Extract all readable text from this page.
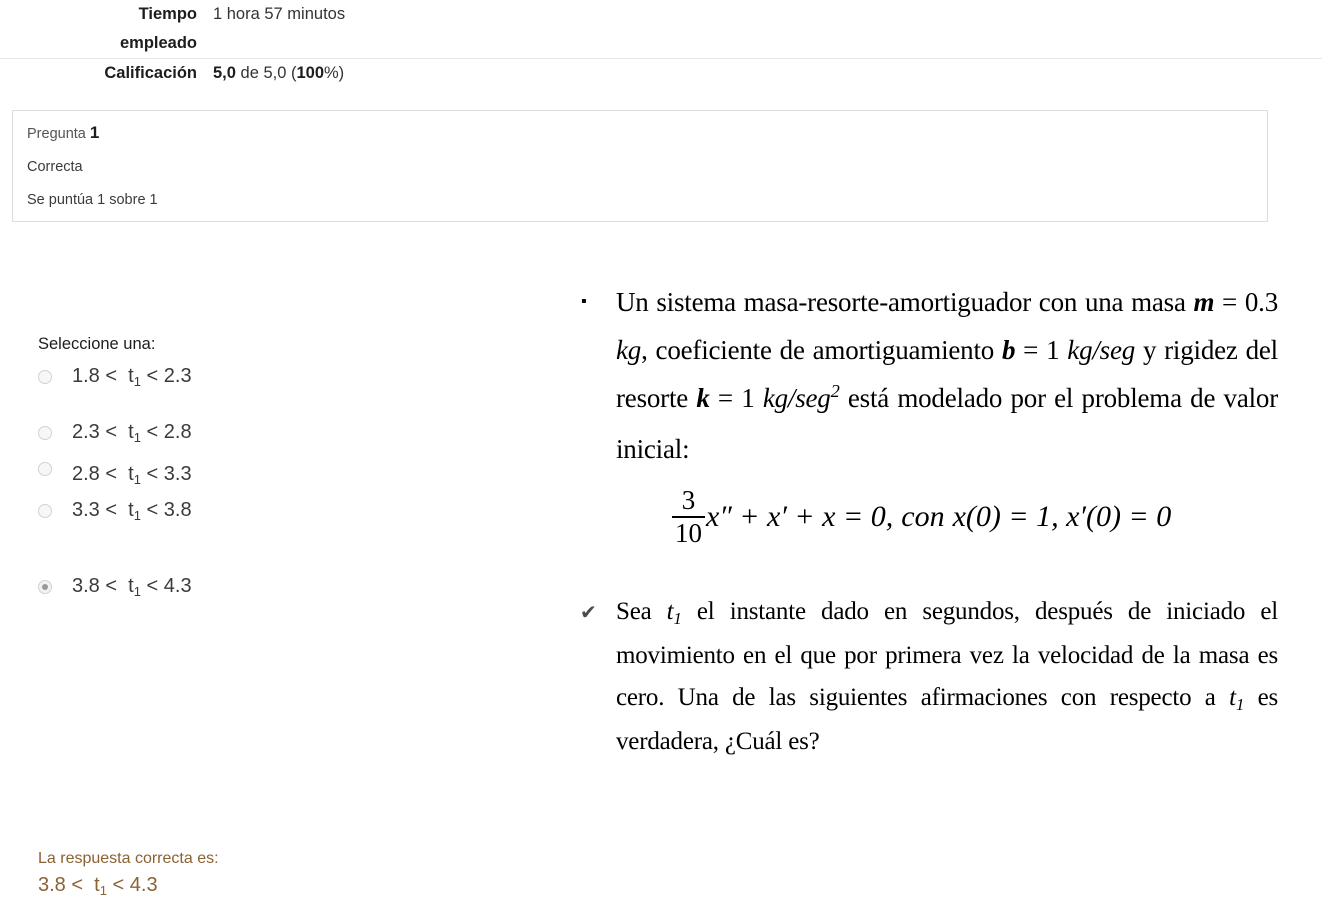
Tiempo
empleado
1 hora 57 minutos
Calificación 5,0 de 5,0 (100%)
Pregunta 1
Correcta
Se puntúa 1 sobre 1
Seleccione una:
$1.8 < t_1 < 2.3$
$2.3 < t_1 < 2.8$
$2.8 < t_1 < 3.3$
$3.3 < t_1 < 3.8$
$3.8 < t_1 < 4.3$
▪	Un sistema masa-resorte-amortiguador con una masa m = 0.3 kg, coeficiente de amortiguamiento b = 1 kg/seg y rigidez del resorte k = 1 kg/seg$^2$ está modelado por el problema de valor inicial:
✔ Sea t1 el instante dado en segundos, después de iniciado el movimiento en el que por primera vez la velocidad de la masa es cero. Una de las siguientes afirmaciones con respecto a t1 es verdadera, ¿Cuál es?
$\frac{3}{10} x'' + x' + x = 0$, con x(0) = 1, x′(0) = 0
La respuesta correcta es:
$3.8 < t_1 < 4.3$
